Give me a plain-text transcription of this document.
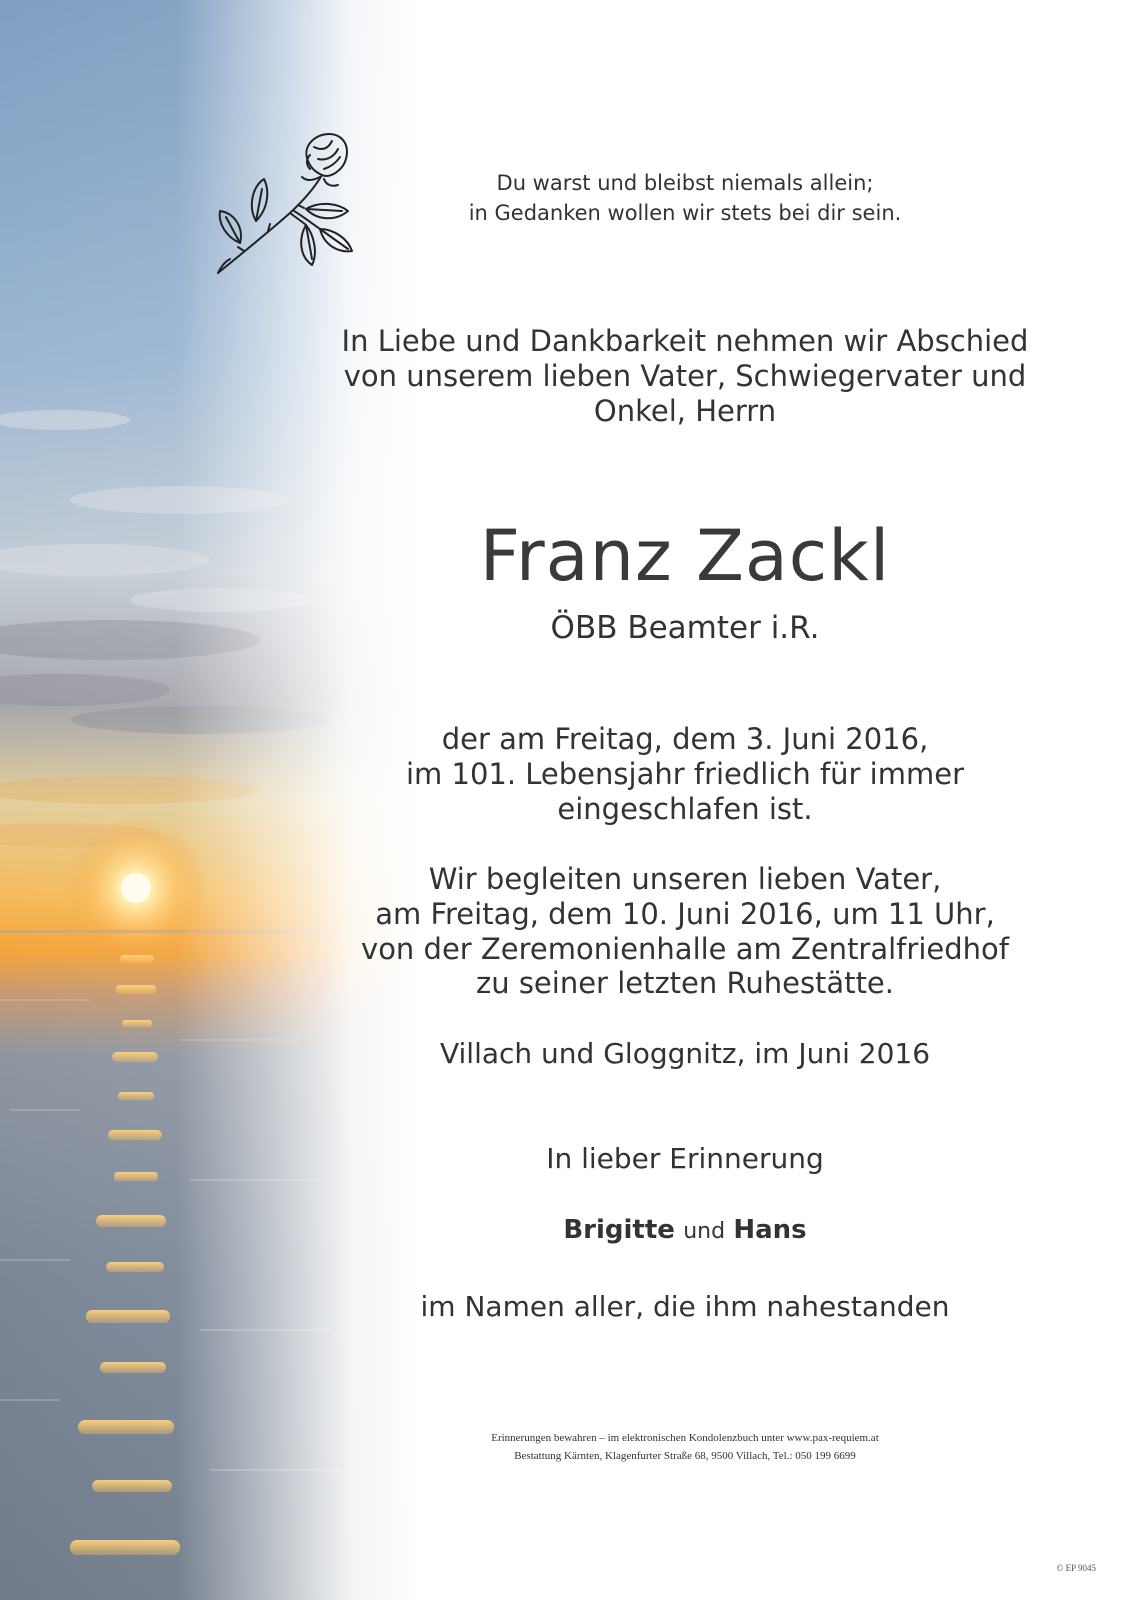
Du warst und bleibst niemals allein;
in Gedanken wollen wir stets bei dir sein.
In Liebe und Dankbarkeit nehmen wir Abschied
von unserem lieben Vater, Schwiegervater und
Onkel, Herrn
Franz Zackl
ÖBB Beamter i.R.
der am Freitag, dem 3. Juni 2016,
im 101. Lebensjahr friedlich für immer
eingeschlafen ist.
Wir begleiten unseren lieben Vater,
am Freitag, dem 10. Juni 2016, um 11 Uhr,
von der Zeremonienhalle am Zentralfriedhof
zu seiner letzten Ruhestätte.
Villach und Gloggnitz, im Juni 2016
In lieber Erinnerung
Brigitte und Hans
im Namen aller, die ihm nahestanden
Erinnerungen bewahren – im elektronischen Kondolenzbuch unter www.pax-requiem.at
Bestattung Kärnten, Klagenfurter Straße 68, 9500 Villach, Tel.: 050 199 6699
© EP 9045
